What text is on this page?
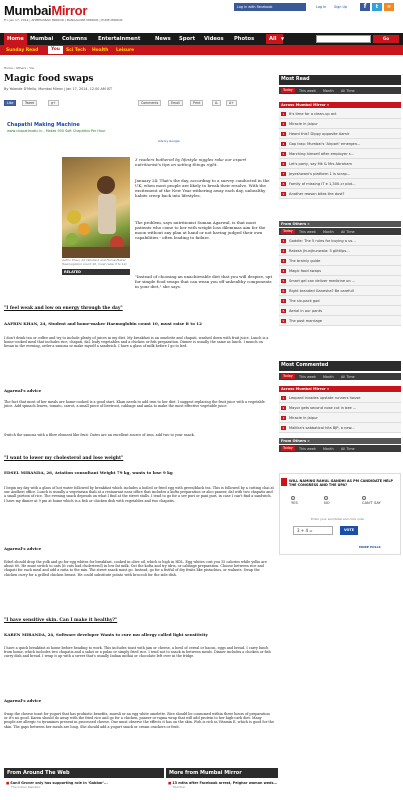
MumbaiMirror
Fri, Jan 17, 2014 | AHMEDABAD MIRROR | BANGALORE MIRROR | PUNE MIRROR
Log in with Facebook	Log In Sign Up	f	t	≈
Home	Mumbai Columns Entertainment	News Sport Videos Photos	All	▼	Go
Sunday Read	You	Sci Tech Health Leisure
Home › Others › You
Magic food swaps
By Yolande D'Mello, Mumbai Mirror | Jan 17, 2014, 12.00 AM IST
Like	Tweet	g+	Comments	Email	Print	A-	A+
Chapathi Making Machine
www.chapatimatic.in - Makes 900 Soft Chapathis Per Hour
Ads by Google
Aafrin Khan, 24 (Student and Home-Maker Haemoglobin count 10, must raise it to 12)
RELATED
3 readers bothered by lifestyle niggles rake our expert nutritionist's tips on setting things right.
January 24: That's the day, according to a survey conducted in the UK, when most people are likely to break their resolve. With the excitement of the New Year withering away each day, unhealthy habits creep back into lifestyles.
The problem, says nutritionist Suman Agarwal, is that most patients who come to her with weight loss dilemmas aim for the moon without any plan at hand or not having judged their own capabilities - often leading to failure.
"Instead of choosing an unachievable diet that you will despise, opt for simple food swaps that can wean you off unhealthy components in your diet," she says.
"I feel weak and low on energy through the day"
AAFRIN KHAN, 24, Student and home-maker Haemoglobin count 10, must raise it to 12
I don't drink tea or coffee and try to include plenty of juices in my diet. My breakfast is an omelette and chapati, washed down with fruit juice. Lunch is a home-cooked meal that includes rice, chapati, dal, leafy vegetables and a chicken or fish preparation. Dinner is usually the same as lunch. I munch on besan in the evening, order a samosa or make myself a sandwich. I have a glass of milk before I go to bed.
Agarwal's advice
The fact that most of her meals are home-cooked is a good start. Khan needs to add iron to her diet. I suggest replacing the fruit juice with a vegetable juice. Add spinach leaves, tomato, carrot, a small piece of beetroot, cabbage and amla to make the most effective vegetable juice.
Switch the samosa with a fibre element like fruit. Dates are an excellent source of iron, add two to your snack.
"I want to lower my cholesterol and lose weight"
EDSEL MIRANDA, 26, Aviation consultant Weight 79 kg, wants to lose 9 kg
I begin my day with a glass of hot water followed by breakfast which includes a boiled or fried egg with green/black tea. This is followed by a cutting chai at our Andheri office. Lunch is usually a vegetarian thali at a restaurant near office that includes a kofta preparation or aloo paneer, dal with two chapatis and a small portion of rice. The evening snack depends on what I find at the street stalls. I tend to go for a sev puri or pani puri, in case I can't find a sandwich. I have my dinner at 9 pm at home which is a fish or chicken dish with vegetables and two chapatis.
Agarwal's advice
Edsel should drop the yolk and go for egg whites for breakfast, cooked in olive oil, which is high in HDL. Egg whites cost you 15 calories while yolks are about 60. He must switch to oats (it cuts bad cholesterol) in low fat milk. Cut the kofta and try idris, or cabbage preparation. Choose between rice and chapati for each meal and add a raita to the mix. The street snack must go. Instead, go for a fistful of dry fruits like pistachios, or walnuts. Swap the chicken curry for a grilled chicken breast. He could substitute potato with broccoli for the side dish.
"I have sensitive skin. Can I make it healthy?"
KAREN MIRANDA, 24, Software developer Wants to cure mu allergy called light sensitivity
I have a quick breakfast at home before heading to work. This includes toast with jam or cheese, a bowl of cereal or bacon, eggs and bread. I carry lunch from home, which includes two chapatis and a sabzi or a pulao or simply fried rice. I tend not to snack in between meals. Dinner includes a chicken or fish curry dish and bread. I wrap it up with a sweet that's usually Indian mithai or chocolate left over in the fridge.
Agarwal's advice
Swap the cheese toast for yogurt that has probiotic benefits, muesli or an egg white omelette. Rice should be consumed within three hours of preparation or it's no good. Karen should do away with the fried rice and go for a chicken, paneer or rajma wrap that will add protein to her high-carb diet. Many people are allergic to tyramines present in processed cheese. One must observe the effects it has on the skin. Fish is rich in Vitamin E, which is good for the skin. The gaps between her meals are long. She should add a yogurt snack or cream crackers or fruit.
From Around The Web	More from Mumbai Mirror
■ Sunil Grover only has supporting role in 'Gabbar'...
The Indian Republic
■ 13 mths after Facebook arrest, Pelghar woman weds...
Mumbai
Most Read
Today	This week Month All Time
Across Mumbai Mirror »
1	It's time for a clean-up act
2	Miracle in Jaipur
3	Heard this? Dippy opposite Aamir
4	Gap trap: Mumbai's 'Airport' emergen...
5	Marching himself after employer s...
6	Let's party, say Mk & Mrs Abraham
7	Jeyeshwani's platform 1 is scrap...
8	Family of missing IT e 1,300-cr plot...
9	Another reason bites the dust?
From Others »
Today	This week Month All Time
1	Goddle: The 5 rules for buying a us...
2	Rakesh Jhunjhunwala: 5 glittlips...
3	The brainly guide
4	Magic food swaps
5	Smart gel can deliver medicine on ...
6	Right branded Ganesha? Be careful!
7	The six-pack god
8	Aerial in our pants
9	The post marriage
Most Commented
Today	This week Month All Time
Across Mumbai Mirror »
1	Leopard invades upstate runners house
2	Mayor gets second nose cut in bee ...
3	Miracle in Jaipur
4	Mallika's sabbatical hits BJP, a new...
From Others »
Today	This week Month All Time
WILL NAMING RAHUL GANDHI AS PM CANDIDATE HELP THE CONGRESS AND THE UPA?

YES	NO	CAN'T SAY
Enter your sum/total and click vote
3 + 4 =	VOTE
MORE POLLS
